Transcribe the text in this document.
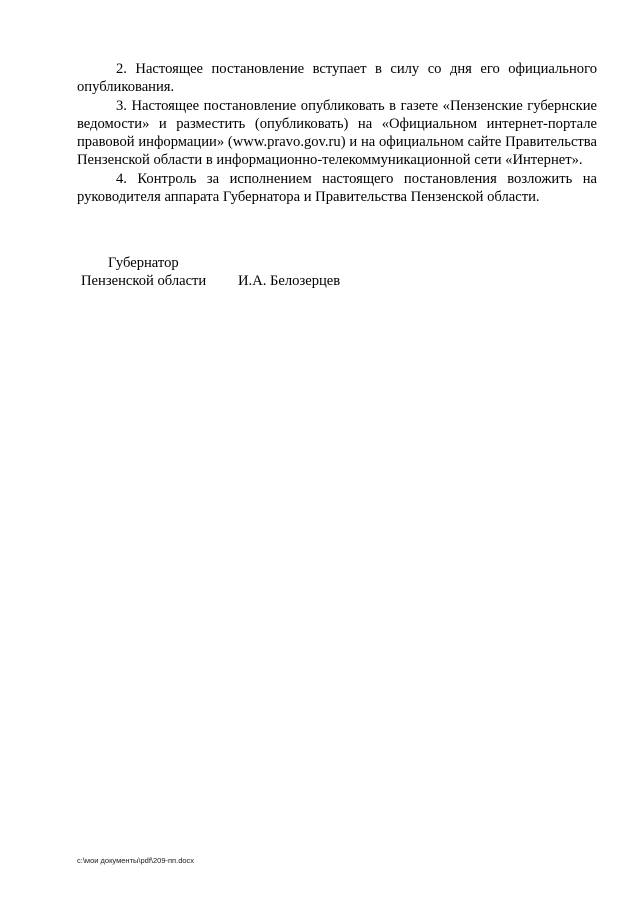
2. Настоящее постановление вступает в силу со дня его официального опубликования.

3. Настоящее постановление опубликовать в газете «Пензенские губернские ведомости» и разместить (опубликовать) на «Официальном интернет-портале правовой информации» (www.pravo.gov.ru) и на официальном сайте Правительства Пензенской области в информационно-телекоммуникационной сети «Интернет».

4. Контроль за исполнением настоящего постановления возложить на руководителя аппарата Губернатора и Правительства Пензенской области.

Губернатор
Пензенской области И.А. Белозерцев
c:\мои документы\pdf\209-пп.docx
